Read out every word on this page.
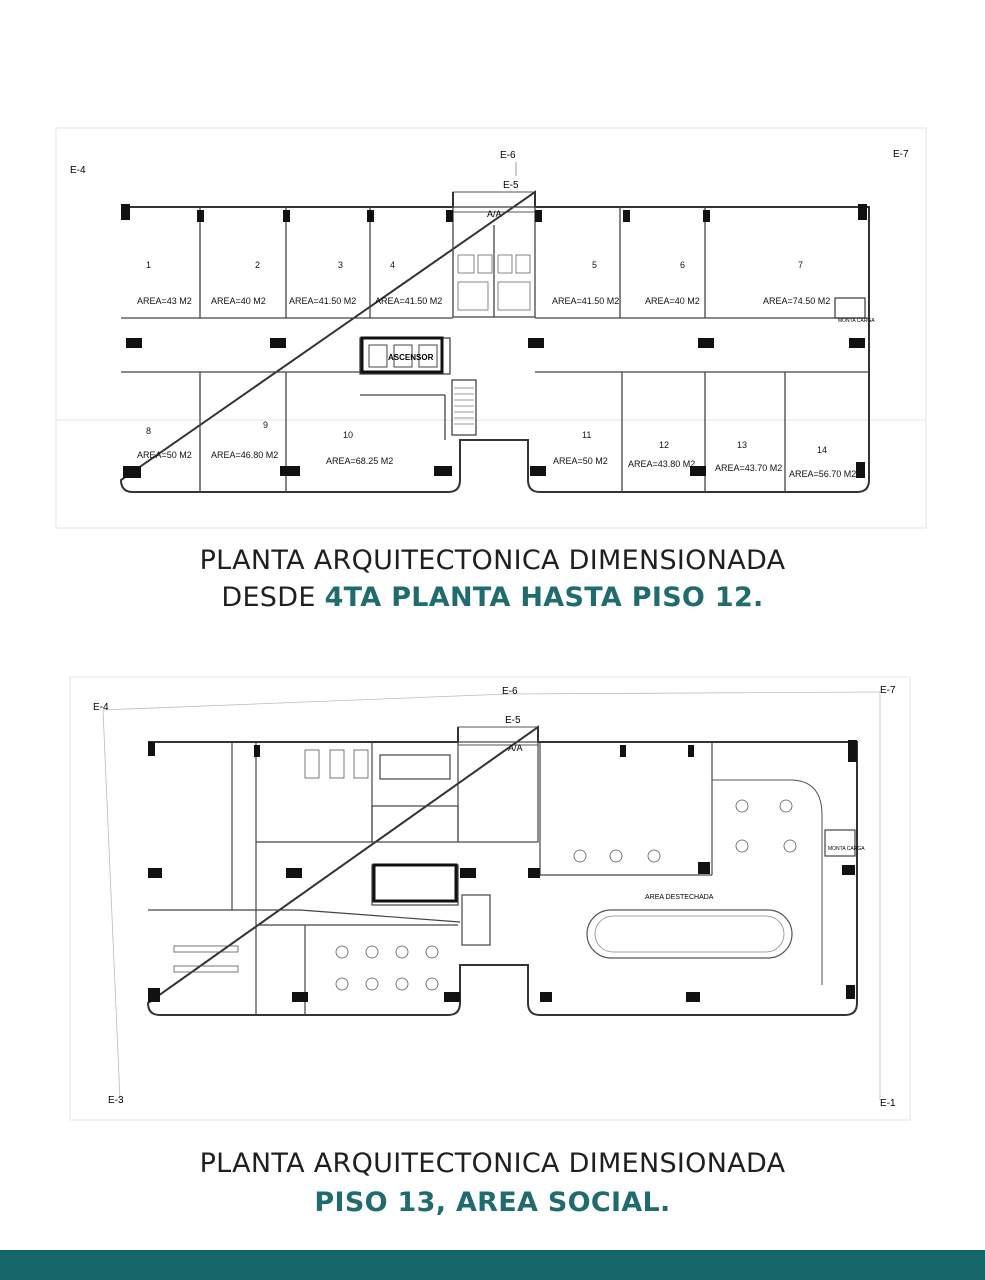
E-4
E-6
E-5
E-7
A/A
ASCENSOR
MONTA CARGA
1
AREA=43 M2
2
AREA=40 M2
3
AREA=41.50 M2
4
AREA=41.50 M2
5
AREA=41.50 M2
6
AREA=40 M2
7
AREA=74.50 M2
8
AREA=50 M2
9
AREA=46.80 M2
10
AREA=68.25 M2
11
AREA=50 M2
12
AREA=43.80 M2
13
AREA=43.70 M2
14
AREA=56.70 M2
PLANTA ARQUITECTONICA DIMENSIONADA
DESDE 4TA PLANTA HASTA PISO 12.
E-4
E-6
E-5
E-7
E-3	E-1
A/A
AREA DESTECHADA
MONTA CARGA
PLANTA ARQUITECTONICA DIMENSIONADA
PISO 13, AREA SOCIAL.
